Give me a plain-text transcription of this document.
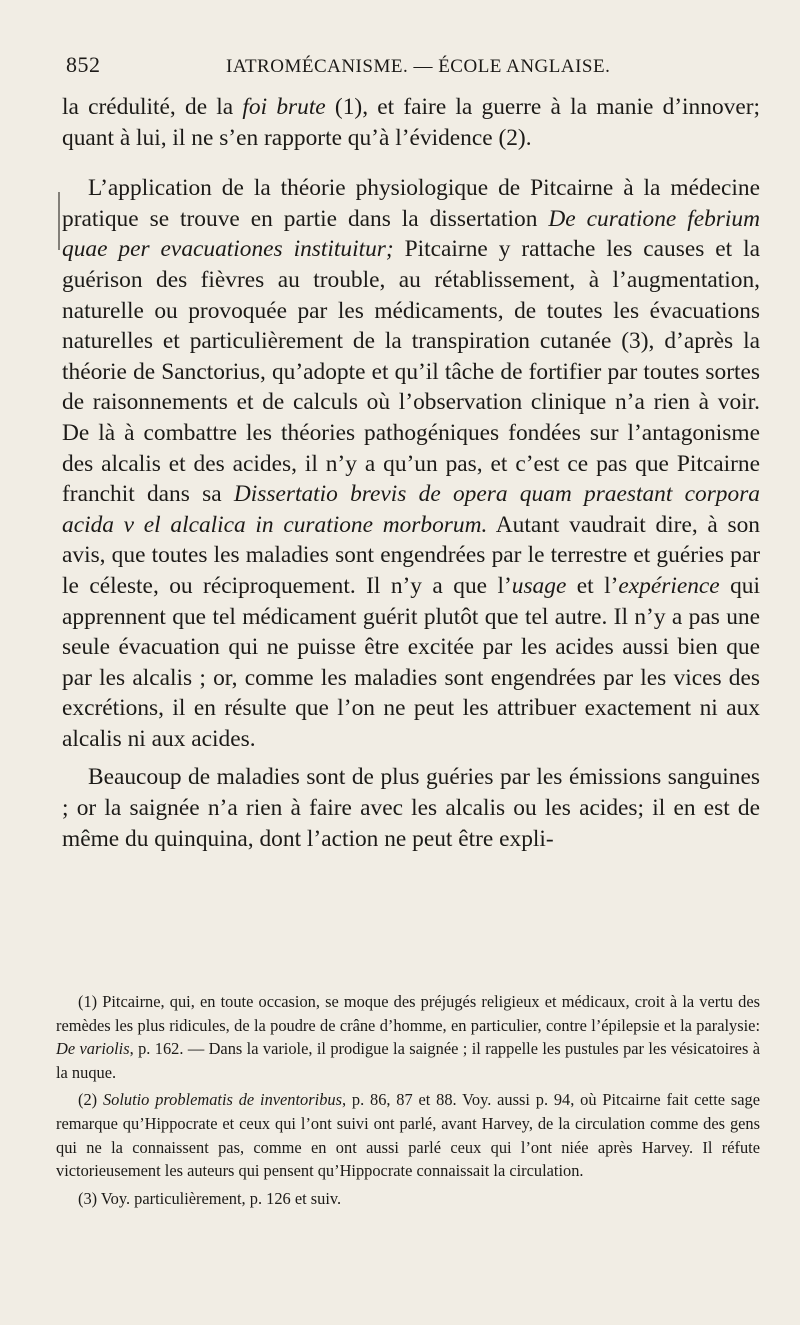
852	IATROMÉCANISME. — ÉCOLE ANGLAISE.

la crédulité, de la foi brute (1), et faire la guerre à la manie d’innover; quant à lui, il ne s’en rapporte qu’à l’évidence (2).

L’application de la théorie physiologique de Pitcairne à la médecine pratique se trouve en partie dans la dissertation De curatione febrium quae per evacuationes instituitur; Pitcairne y rattache les causes et la guérison des fièvres au trouble, au rétablissement, à l’augmentation, naturelle ou provoquée par les médicaments, de toutes les évacuations naturelles et particulièrement de la transpiration cutanée (3), d’après la théorie de Sanctorius, qu’adopte et qu’il tâche de fortifier par toutes sortes de raisonnements et de calculs où l’observation clinique n’a rien à voir. De là à combattre les théories pathogéniques fondées sur l’antagonisme des alcalis et des acides, il n’y a qu’un pas, et c’est ce pas que Pitcairne franchit dans sa Dissertatio brevis de opera quam praestant corpora acida v el alcalica in curatione morborum. Autant vaudrait dire, à son avis, que toutes les maladies sont engendrées par le terrestre et guéries par le céleste, ou réciproquement. Il n’y a que l’usage et l’expérience qui apprennent que tel médicament guérit plutôt que tel autre. Il n’y a pas une seule évacuation qui ne puisse être excitée par les acides aussi bien que par les alcalis ; or, comme les maladies sont engendrées par les vices des excrétions, il en résulte que l’on ne peut les attribuer exactement ni aux alcalis ni aux acides.

Beaucoup de maladies sont de plus guéries par les émissions sanguines ; or la saignée n’a rien à faire avec les alcalis ou les acides; il en est de même du quinquina, dont l’action ne peut être expli-

(1) Pitcairne, qui, en toute occasion, se moque des préjugés religieux et médicaux, croit à la vertu des remèdes les plus ridicules, de la poudre de crâne d’homme, en particulier, contre l’épilepsie et la paralysie: De variolis, p. 162. — Dans la variole, il prodigue la saignée ; il rappelle les pustules par les vésicatoires à la nuque.

(2) Solutio problematis de inventoribus, p. 86, 87 et 88. Voy. aussi p. 94, où Pitcairne fait cette sage remarque qu’Hippocrate et ceux qui l’ont suivi ont parlé, avant Harvey, de la circulation comme des gens qui ne la connaissent pas, comme en ont aussi parlé ceux qui l’ont niée après Harvey. Il réfute victorieusement les auteurs qui pensent qu’Hippocrate connaissait la circulation.

(3) Voy. particulièrement, p. 126 et suiv.
